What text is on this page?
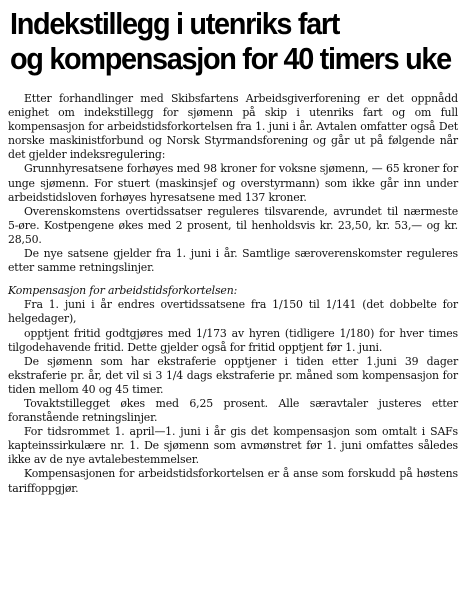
Indekstillegg i utenriks fart
og kompensasjon for 40 timers uke

Etter forhandlinger med Skibsfartens Arbeidsgiverforening er det oppnådd enighet om indekstillegg for sjømenn på skip i utenriks fart og om full kompensasjon for arbeidstidsforkortelsen fra 1. juni i år. Avtalen omfatter også Det norske maskinistforbund og Norsk Styrmandsforening og går ut på følgende når det gjelder indeksregulering:

Grunnhyresatsene forhøyes med 98 kroner for voksne sjømenn, — 65 kroner for unge sjømenn. For stuert (maskinsjef og overstyrmann) som ikke går inn under arbeidstidsloven forhøyes hyresatsene med 137 kroner.

Overenskomstens overtidssatser reguleres tilsvarende, avrundet til nærmeste 5-øre. Kostpengene økes med 2 prosent, til henholdsvis kr. 23,50, kr. 53,— og kr. 28,50.

De nye satsene gjelder fra 1. juni i år. Samtlige særoverenskomster reguleres etter samme retningslinjer.

Kompensasjon for arbeidstidsforkortelsen:

Fra 1. juni i år endres overtidssatsene fra 1/150 til 1/141 (det dobbelte for helgedager),

opptjent fritid godtgjøres med 1/173 av hyren (tidligere 1/180) for hver times tilgodehavende fritid. Dette gjelder også for fritid opptjent før 1. juni.

De sjømenn som har ekstraferie opptjener i tiden etter 1.juni 39 dager ekstraferie pr. år, det vil si 3 1/4 dags ekstraferie pr. måned som kompensasjon for tiden mellom 40 og 45 timer.

Tovaktstillegget økes med 6,25 prosent. Alle særavtaler justeres etter foranstående retningslinjer.

For tidsrommet 1. april—1. juni i år gis det kompensasjon som omtalt i SAFs kapteinssirkulære nr. 1. De sjømenn som avmønstret før 1. juni omfattes således ikke av de nye avtalebestemmelser.

Kompensasjonen for arbeidstidsforkortelsen er å anse som forskudd på høstens tariffoppgjør.
